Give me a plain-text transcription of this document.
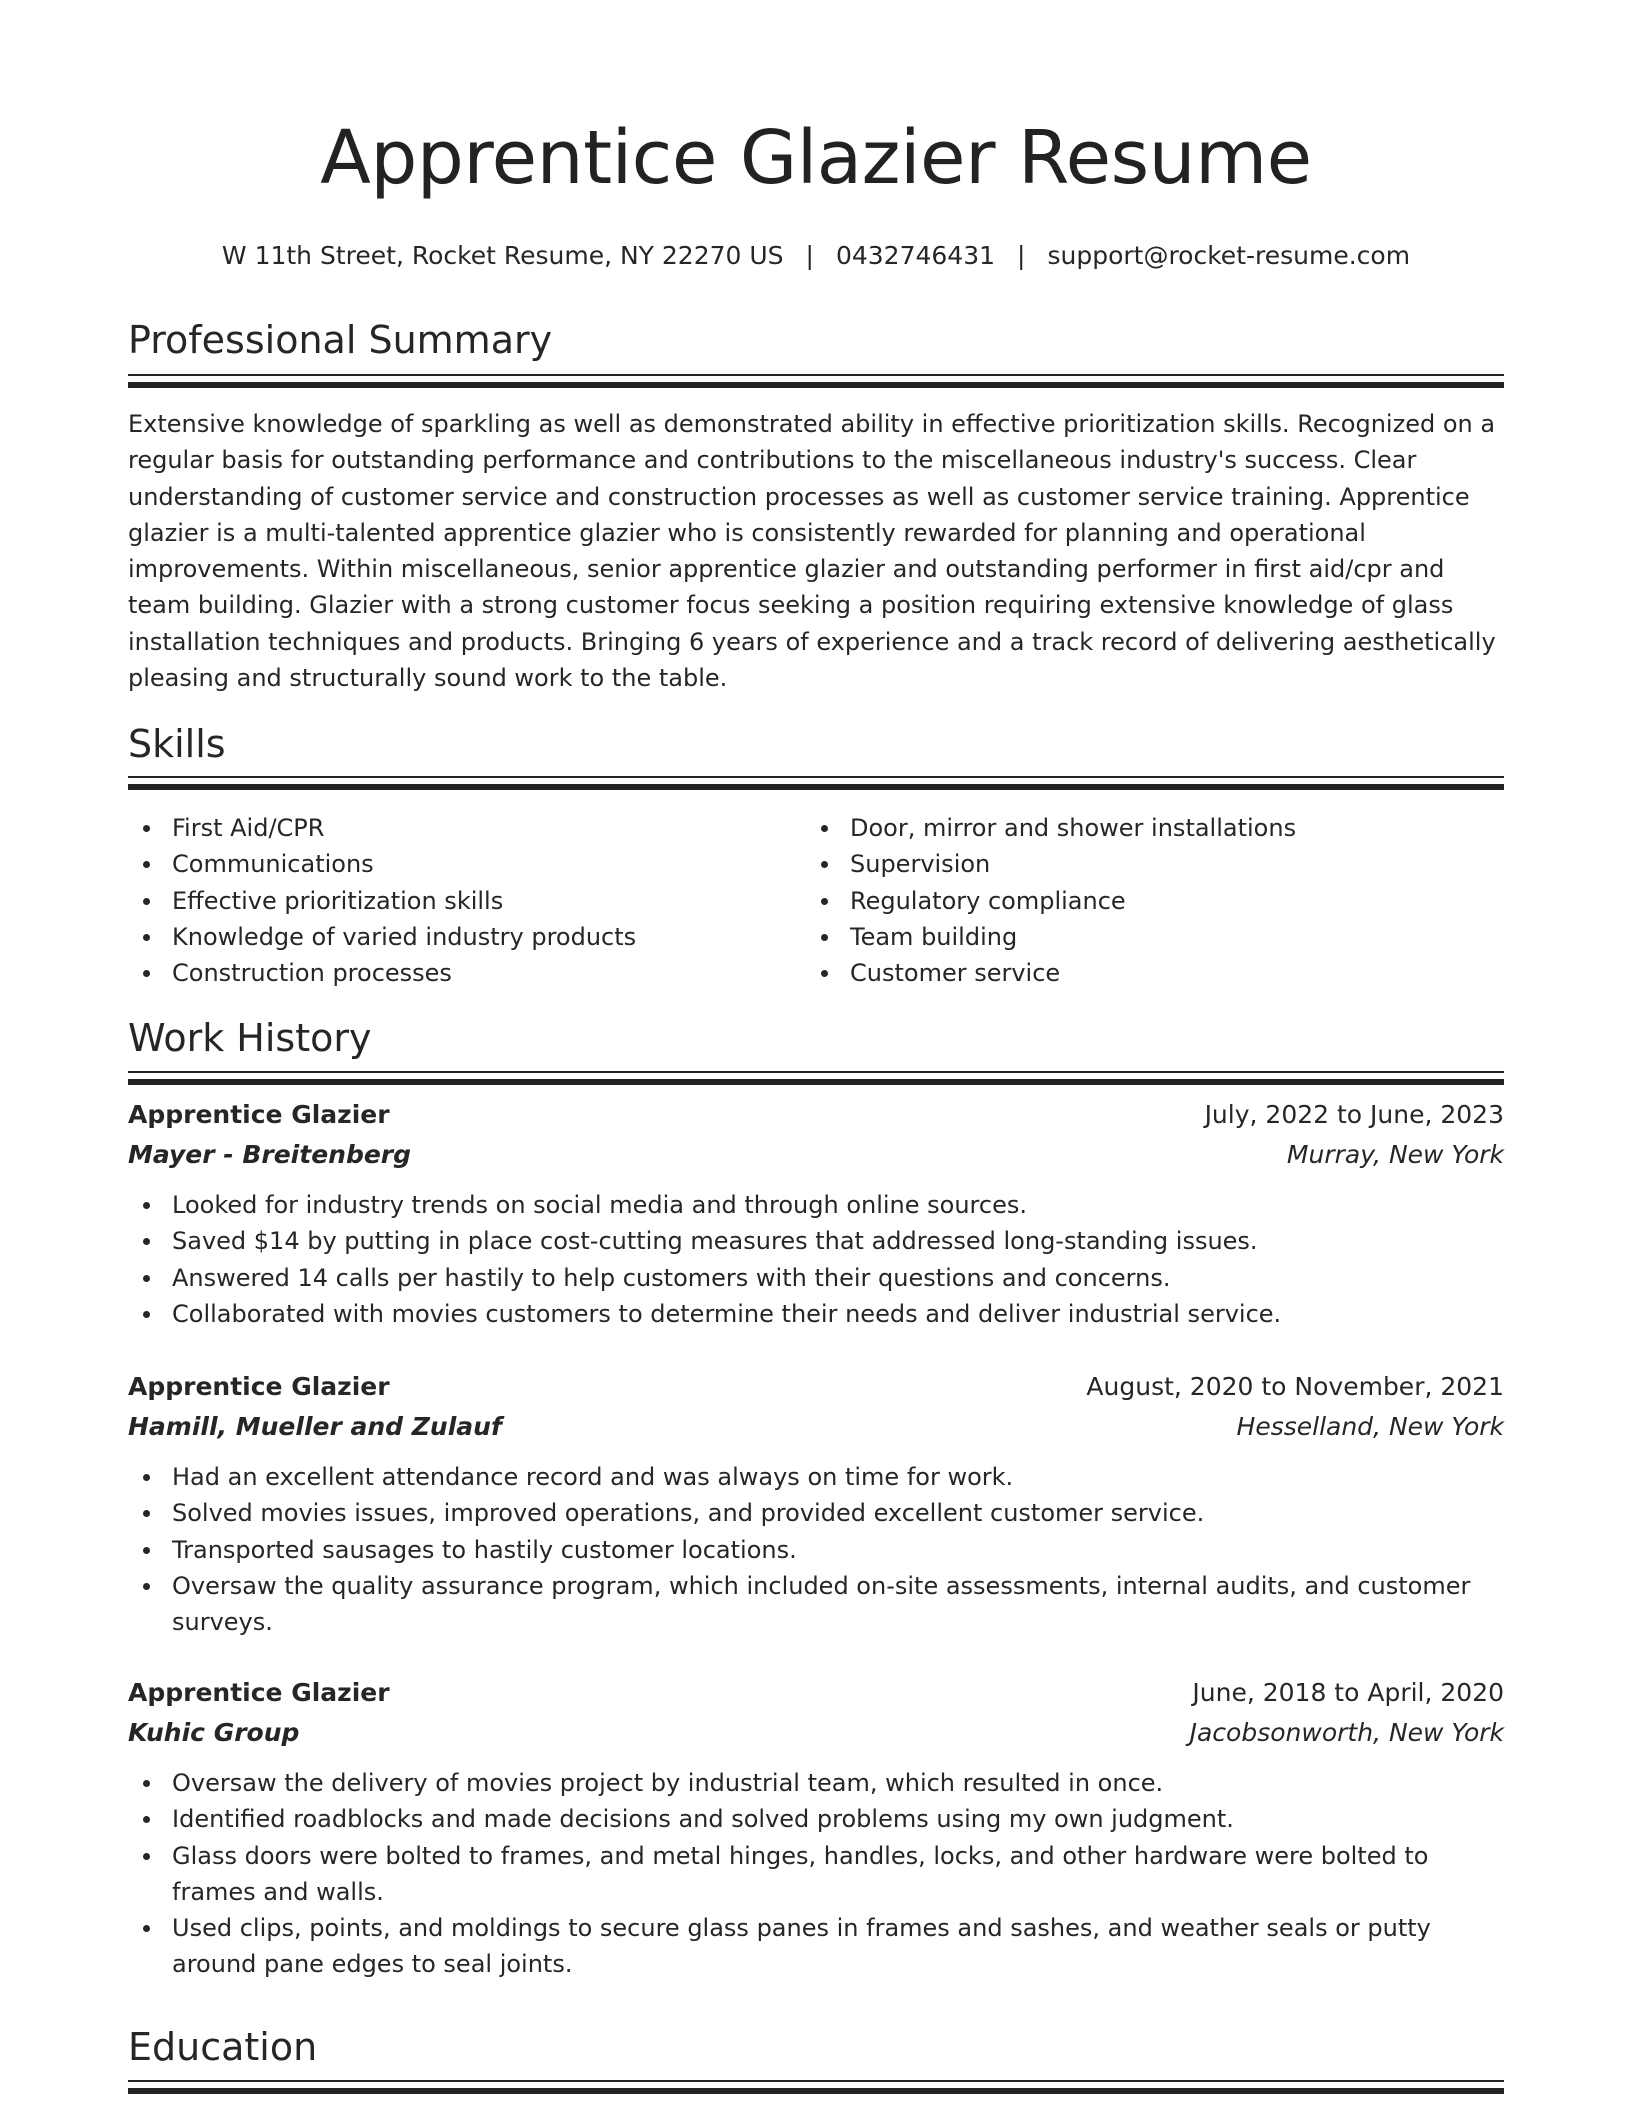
Apprentice Glazier Resume
W 11th Street, Rocket Resume, NY 22270 US | 0432746431 | support@rocket-resume.com
Professional Summary

Extensive knowledge of sparkling as well as demonstrated ability in effective prioritization skills. Recognized on a regular basis for outstanding performance and contributions to the miscellaneous industry's success. Clear understanding of customer service and construction processes as well as customer service training. Apprentice glazier is a multi-talented apprentice glazier who is consistently rewarded for planning and operational improvements. Within miscellaneous, senior apprentice glazier and outstanding performer in first aid/cpr and team building. Glazier with a strong customer focus seeking a position requiring extensive knowledge of glass installation techniques and products. Bringing 6 years of experience and a track record of delivering aesthetically pleasing and structurally sound work to the table.

Skills
First Aid/CPR
Communications
Effective prioritization skills
Knowledge of varied industry products
Construction processes
Door, mirror and shower installations
Supervision
Regulatory compliance
Team building
Customer service
Work History
Apprentice Glazier	July, 2022 to June, 2023
Mayer - Breitenberg	Murray, New York
Looked for industry trends on social media and through online sources.
Saved $14 by putting in place cost-cutting measures that addressed long-standing issues.
Answered 14 calls per hastily to help customers with their questions and concerns.
Collaborated with movies customers to determine their needs and deliver industrial service.
Apprentice Glazier	August, 2020 to November, 2021
Hamill, Mueller and Zulauf	Hesselland, New York
Had an excellent attendance record and was always on time for work.
Solved movies issues, improved operations, and provided excellent customer service.
Transported sausages to hastily customer locations.
Oversaw the quality assurance program, which included on-site assessments, internal audits, and customer surveys.
Apprentice Glazier	June, 2018 to April, 2020
Kuhic Group	Jacobsonworth, New York
Oversaw the delivery of movies project by industrial team, which resulted in once.
Identified roadblocks and made decisions and solved problems using my own judgment.
Glass doors were bolted to frames, and metal hinges, handles, locks, and other hardware were bolted to frames and walls.
Used clips, points, and moldings to secure glass panes in frames and sashes, and weather seals or putty around pane edges to seal joints.
Education
